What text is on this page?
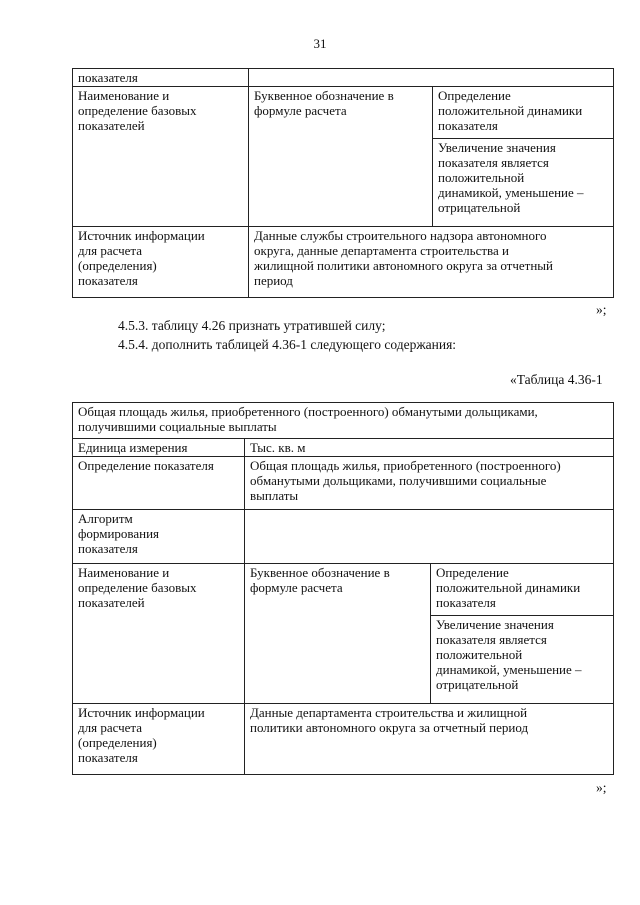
31
показателя		
Наименование и
определение базовых
показателей	Буквенное обозначение в
формуле расчета	Определение
положительной динамики
показателя
		Увеличение значения
показателя является
положительной
динамикой, уменьшение –
отрицательной
Источник информации
для расчета
(определения)
показателя	Данные службы строительного надзора автономного
округа, данные департамента строительства и
жилищной политики автономного округа за отчетный
период	
»;
4.5.3. таблицу 4.26 признать утратившей силу;
4.5.4. дополнить таблицей 4.36-1 следующего содержания:
«Таблица 4.36-1
Общая площадь жилья, приобретенного (построенного) обманутыми дольщиками,
получившими социальные выплаты		
Единица измерения	Тыс. кв. м	
Определение показателя	Общая площадь жилья, приобретенного (построенного)
обманутыми дольщиками, получившими социальные
выплаты	
Алгоритм
формирования
показателя		
Наименование и
определение базовых
показателей	Буквенное обозначение в
формуле расчета	Определение
положительной динамики
показателя
		Увеличение значения
показателя является
положительной
динамикой, уменьшение –
отрицательной
Источник информации
для расчета
(определения)
показателя	Данные департамента строительства и жилищной
политики автономного округа за отчетный период	
»;
